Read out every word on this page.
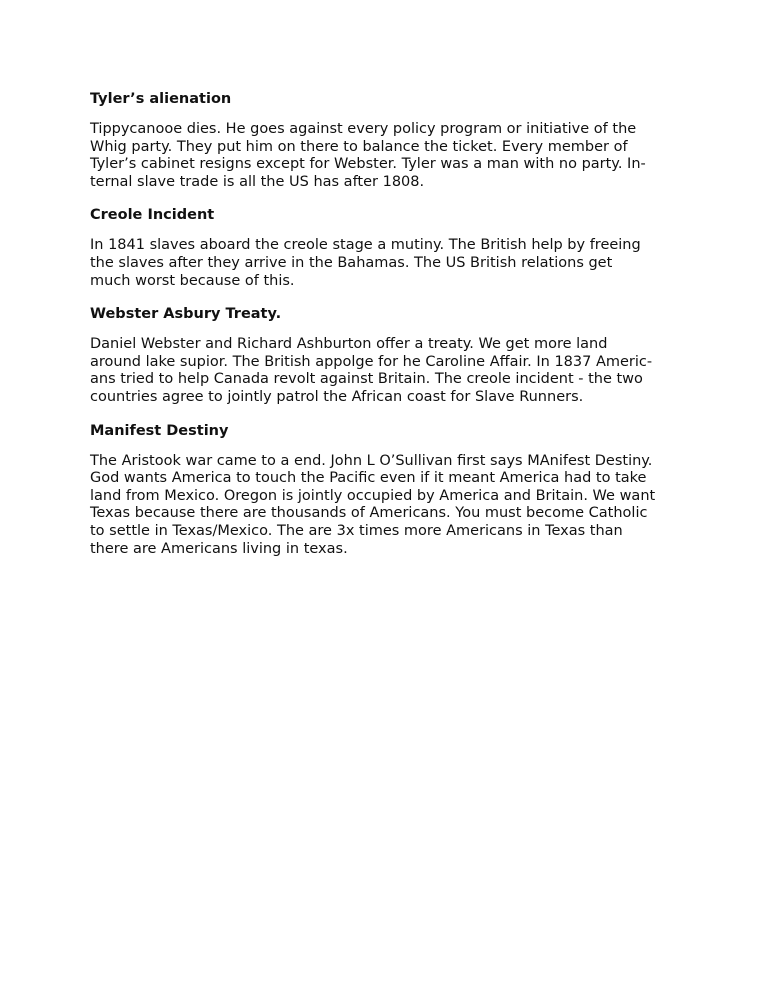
Tyler’s alienation

Tippycanooe dies. He goes against every policy program or initiative of the
Whig party. They put him on there to balance the ticket. Every member of
Tyler’s cabinet resigns except for Webster. Tyler was a man with no party. In-
ternal slave trade is all the US has after 1808.

Creole Incident

In 1841 slaves aboard the creole stage a mutiny. The British help by freeing
the slaves after they arrive in the Bahamas. The US British relations get
much worst because of this.

Webster Asbury Treaty.

Daniel Webster and Richard Ashburton offer a treaty. We get more land
around lake supior. The British appolge for he Caroline Affair. In 1837 Americ-
ans tried to help Canada revolt against Britain. The creole incident - the two
countries agree to jointly patrol the African coast for Slave Runners.

Manifest Destiny

The Aristook war came to a end. John L O’Sullivan first says MAnifest Destiny.
God wants America to touch the Pacific even if it meant America had to take
land from Mexico. Oregon is jointly occupied by America and Britain. We want
Texas because there are thousands of Americans. You must become Catholic
to settle in Texas/Mexico. The are 3x times more Americans in Texas than
there are Americans living in texas.
